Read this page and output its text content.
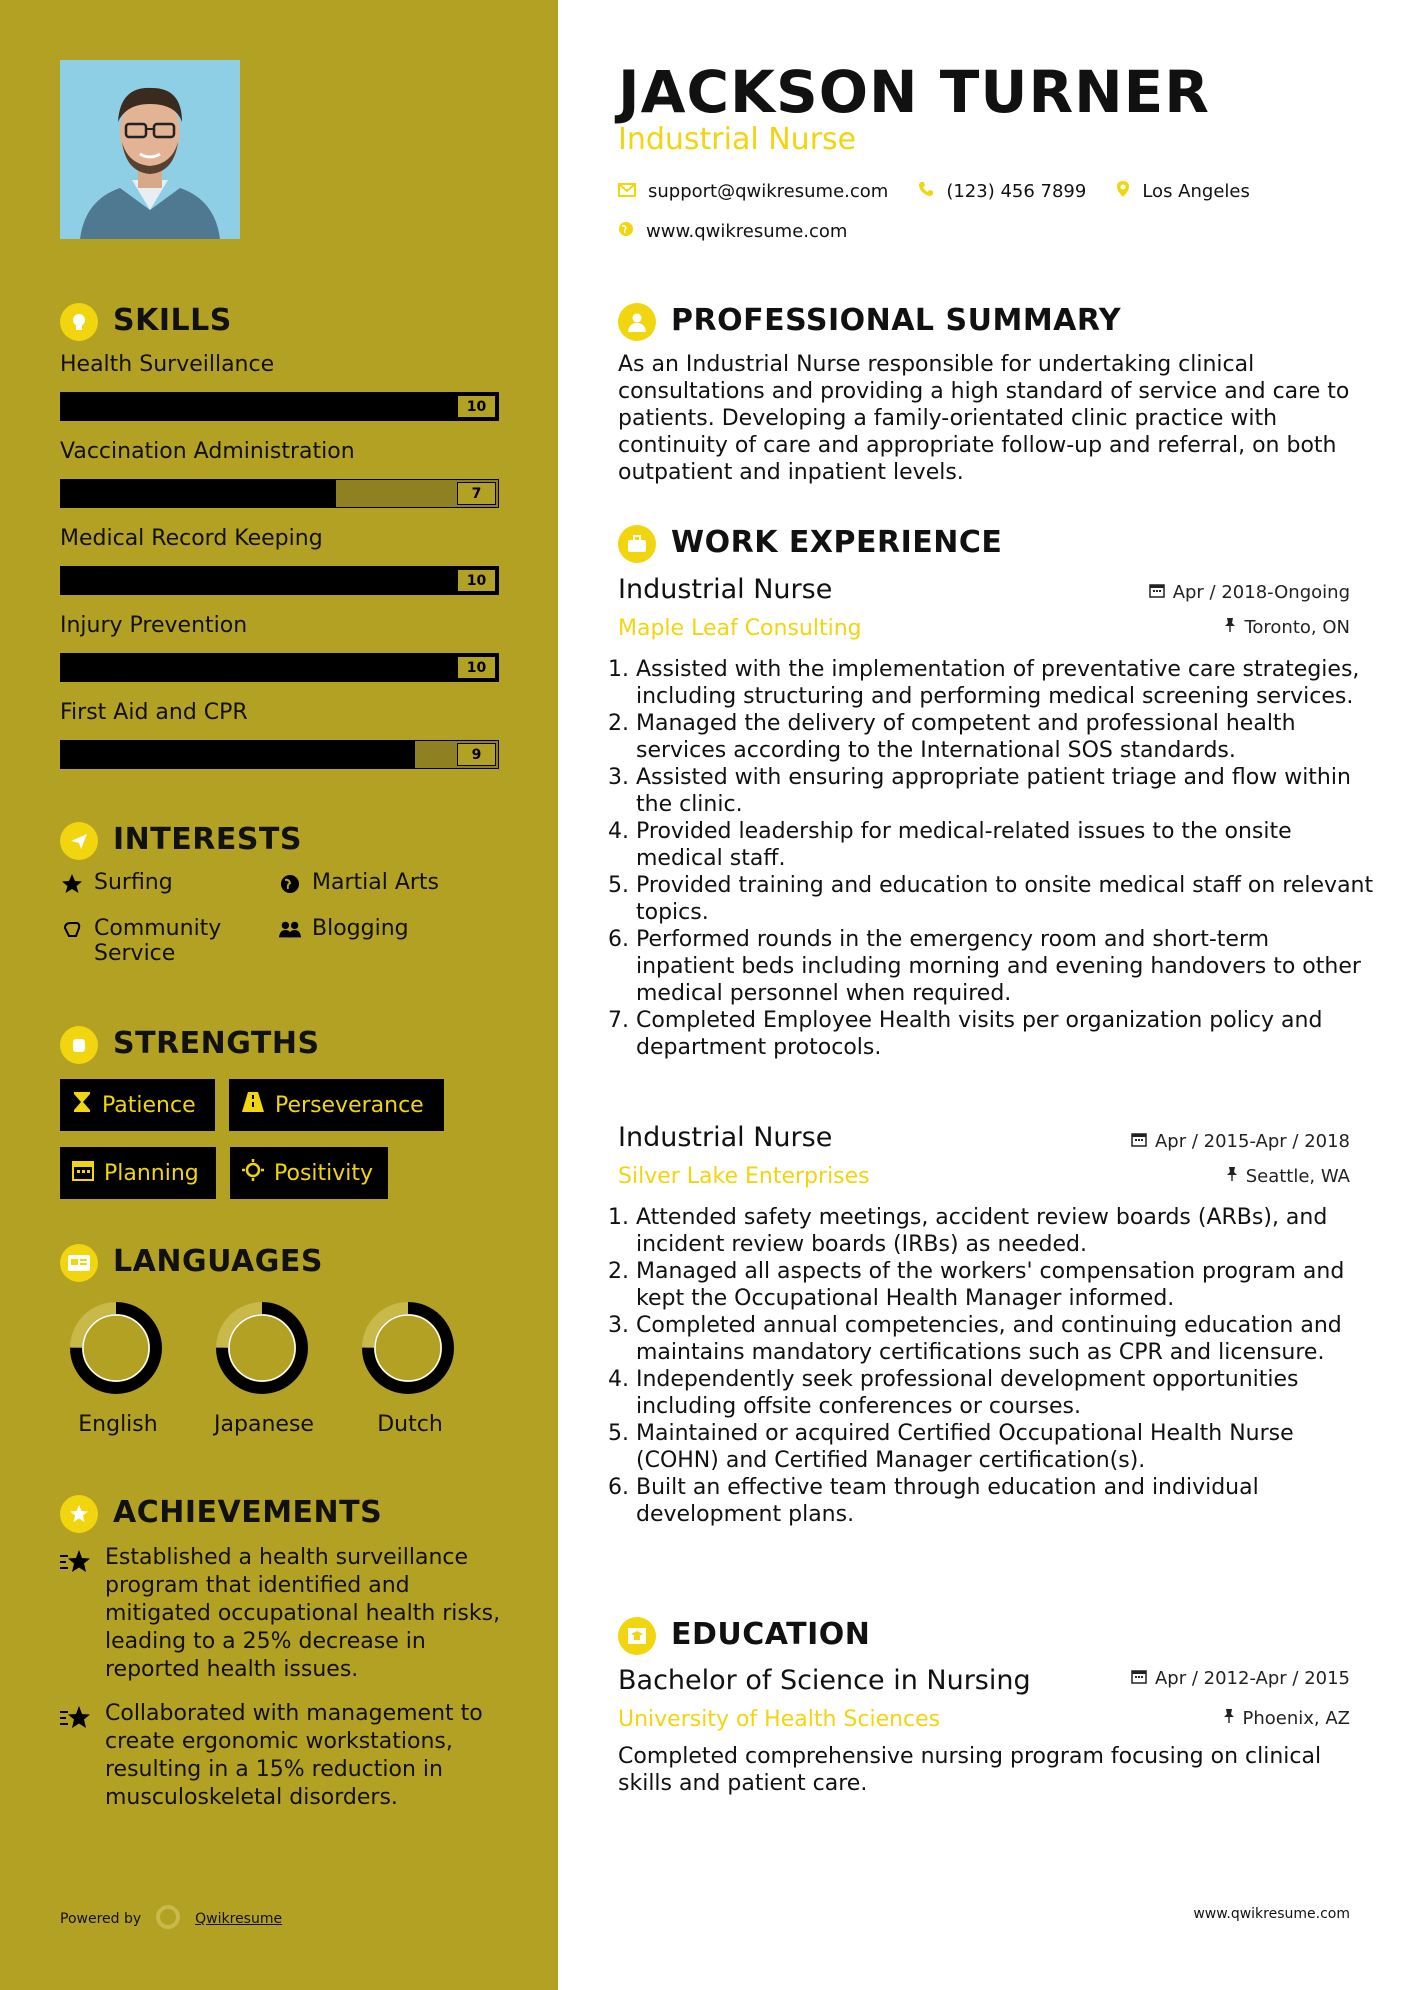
SKILLS
Health Surveillance
10
Vaccination Administration
7
Medical Record Keeping
10
Injury Prevention
10
First Aid and CPR
9
INTERESTS
Surfing	Martial Arts
Community Service
Blogging
STRENGTHS
Patience	Perseverance
Planning	Positivity
LANGUAGES
English	Japanese	Dutch
ACHIEVEMENTS
Established a health surveillance program that identified and mitigated occupational health risks, leading to a 25% decrease in reported health issues.
Collaborated with management to create ergonomic workstations, resulting in a 15% reduction in musculoskeletal disorders.
Powered by	Qwikresume
JACKSON TURNER
Industrial Nurse
support@qwikresume.com	(123) 456 7899	Los Angeles
www.qwikresume.com
PROFESSIONAL SUMMARY
As an Industrial Nurse responsible for undertaking clinical consultations and providing a high standard of service and care to patients. Developing a family-orientated clinic practice with continuity of care and appropriate follow-up and referral, on both outpatient and inpatient levels.
WORK EXPERIENCE
Industrial Nurse	Apr / 2018-Ongoing
Maple Leaf Consulting	Toronto, ON
1. Assisted with the implementation of preventative care strategies, including structuring and performing medical screening services.
2. Managed the delivery of competent and professional health services according to the International SOS standards.
3. Assisted with ensuring appropriate patient triage and flow within the clinic.
4. Provided leadership for medical-related issues to the onsite medical staff.
5. Provided training and education to onsite medical staff on relevant topics.
6. Performed rounds in the emergency room and short-term inpatient beds including morning and evening handovers to other medical personnel when required.
7. Completed Employee Health visits per organization policy and department protocols.
Industrial Nurse	Apr / 2015-Apr / 2018
Silver Lake Enterprises	Seattle, WA
1. Attended safety meetings, accident review boards (ARBs), and incident review boards (IRBs) as needed.
2. Managed all aspects of the workers' compensation program and kept the Occupational Health Manager informed.
3. Completed annual competencies, and continuing education and maintains mandatory certifications such as CPR and licensure.
4. Independently seek professional development opportunities including offsite conferences or courses.
5. Maintained or acquired Certified Occupational Health Nurse (COHN) and Certified Manager certification(s).
6. Built an effective team through education and individual development plans.
EDUCATION
Bachelor of Science in Nursing	Apr / 2012-Apr / 2015
University of Health Sciences	Phoenix, AZ
Completed comprehensive nursing program focusing on clinical skills and patient care.
www.qwikresume.com
